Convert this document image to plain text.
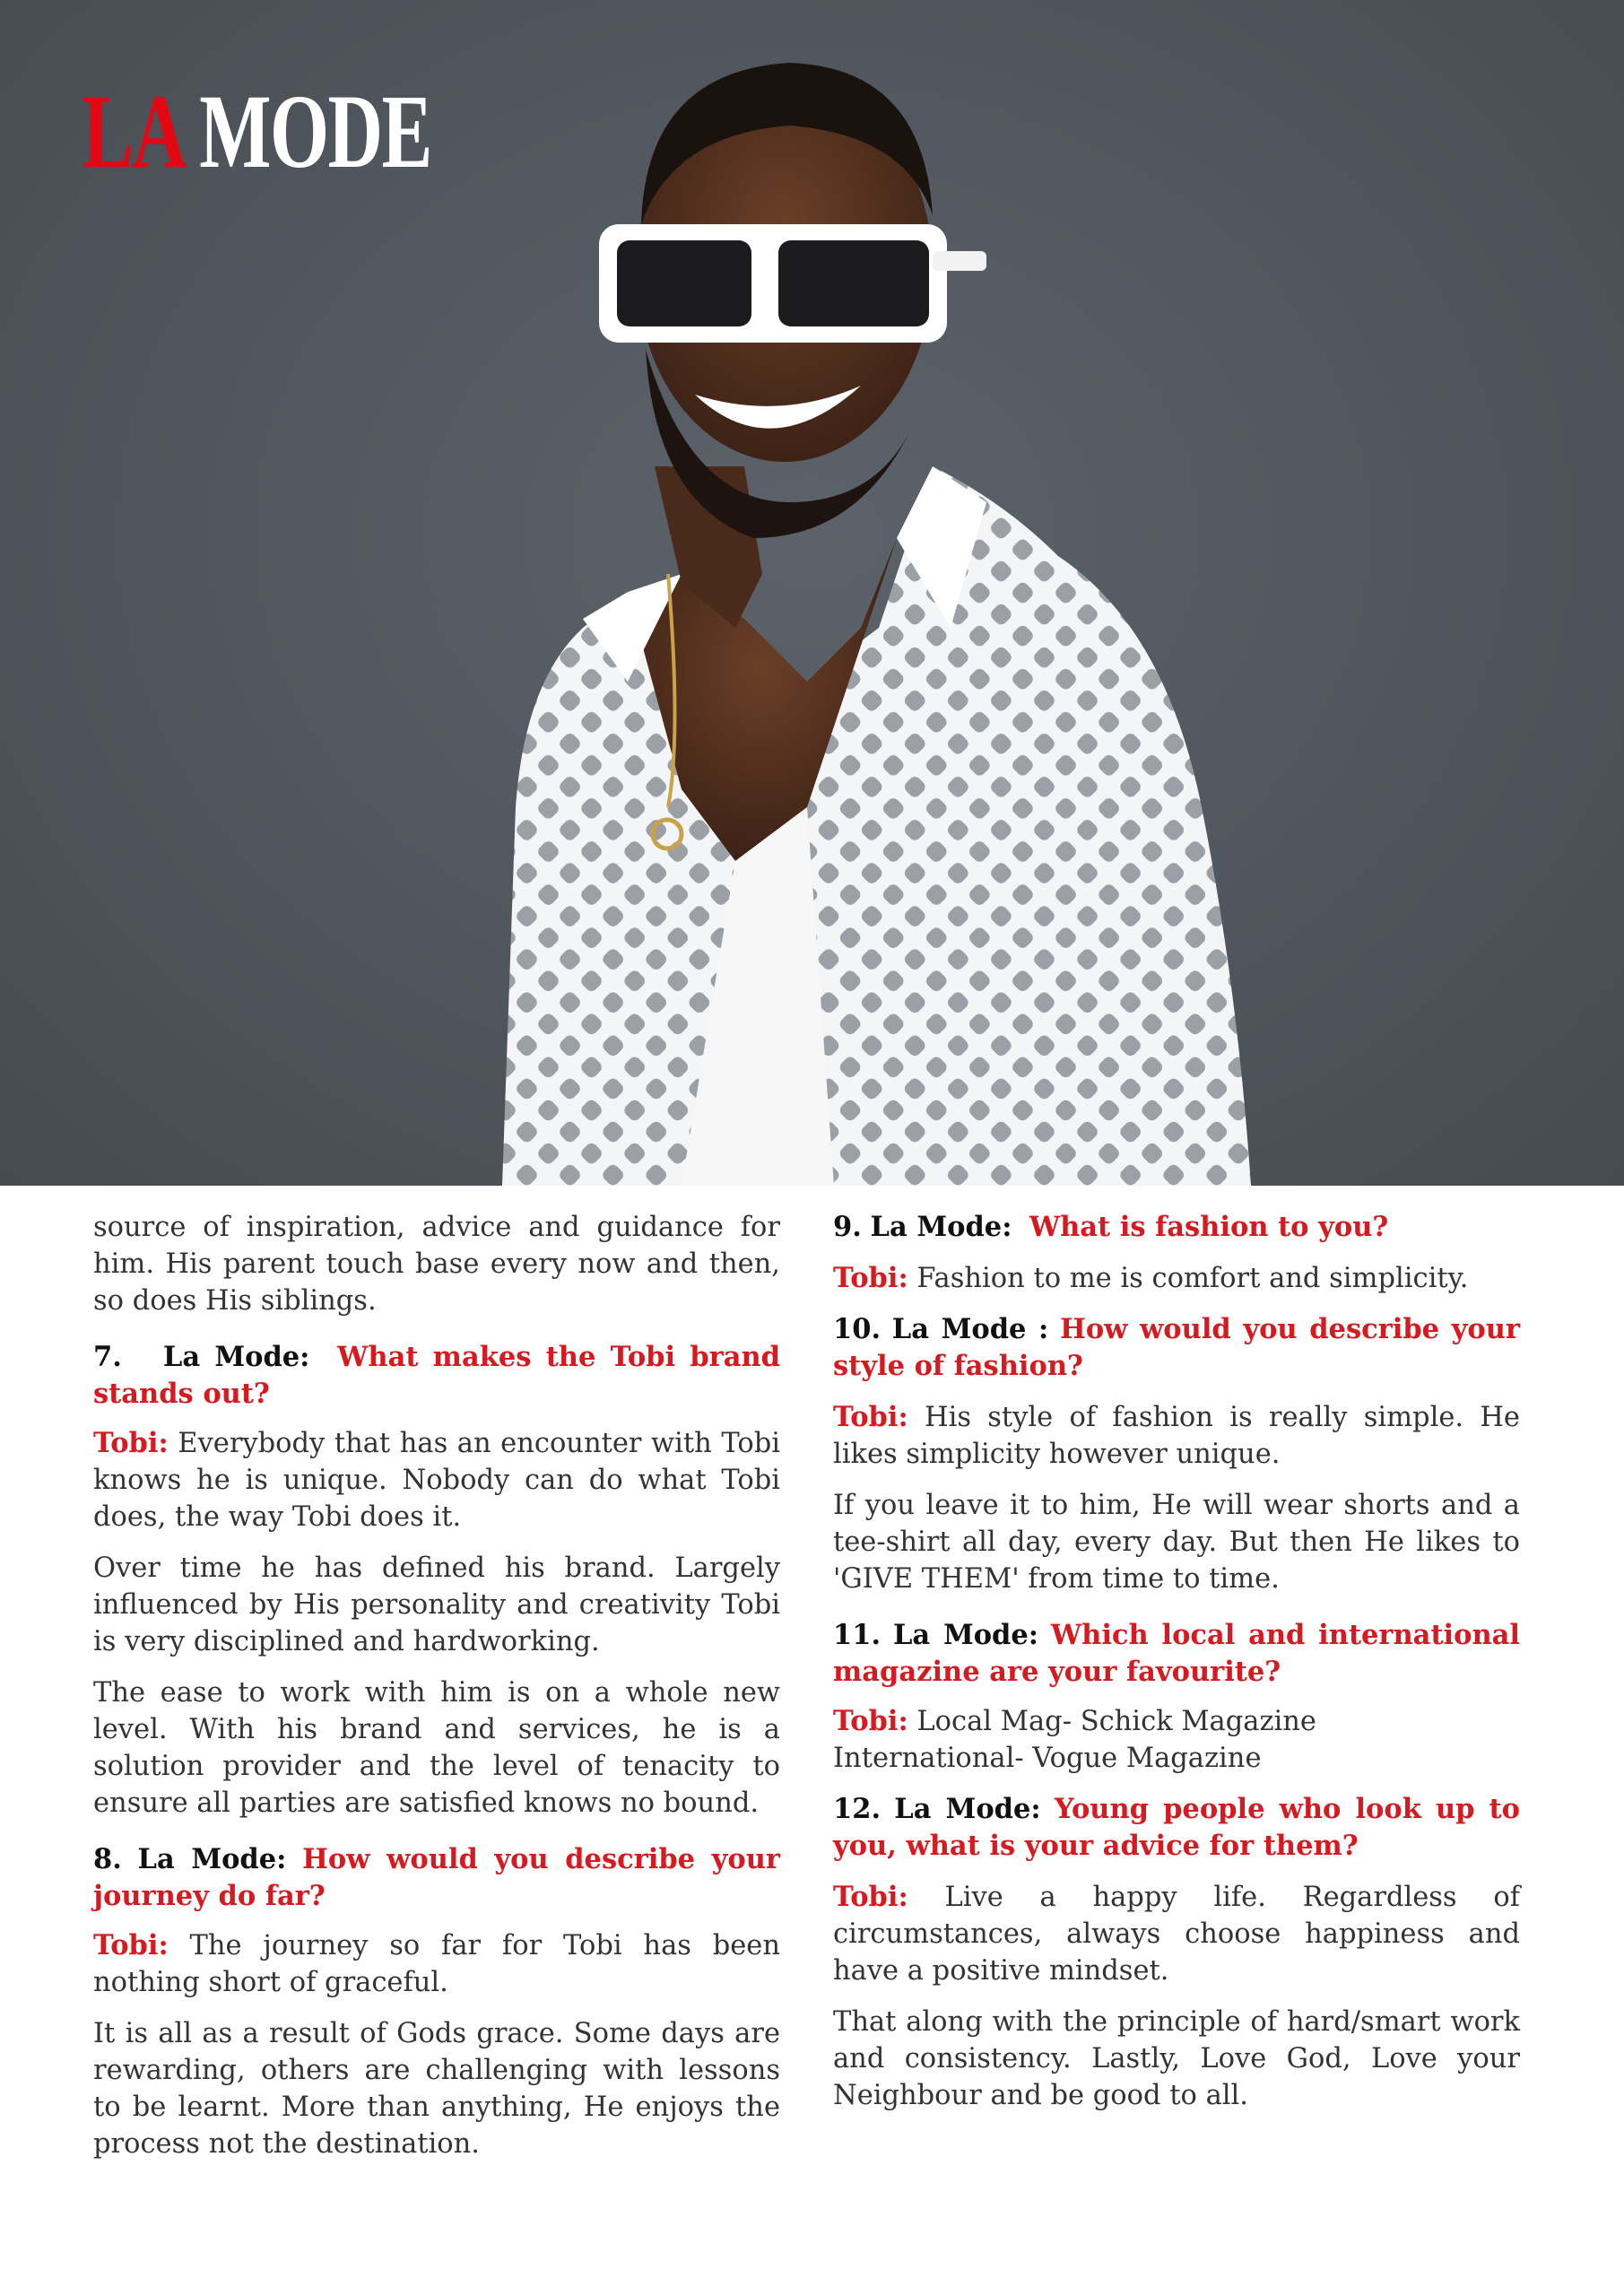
LA MODE

source of inspiration, advice and guidance for him. His parent touch base every now and then, so does His siblings.

7. La Mode: What makes the Tobi brand stands out?

Tobi: Everybody that has an encounter with Tobi knows he is unique. Nobody can do what Tobi does, the way Tobi does it.

Over time he has defined his brand. Largely influenced by His personality and creativity Tobi is very disciplined and hardworking.

The ease to work with him is on a whole new level. With his brand and services, he is a solution provider and the level of tenacity to ensure all parties are satisfied knows no bound.

8. La Mode: How would you describe your journey do far?

Tobi: The journey so far for Tobi has been nothing short of graceful.

It is all as a result of Gods grace. Some days are rewarding, others are challenging with lessons to be learnt. More than anything, He enjoys the process not the destination.

9. La Mode: What is fashion to you?

Tobi: Fashion to me is comfort and simplicity.

10. La Mode : How would you describe your style of fashion?

Tobi: His style of fashion is really simple. He likes simplicity however unique.

If you leave it to him, He will wear shorts and a tee-shirt all day, every day. But then He likes to 'GIVE THEM' from time to time.

11. La Mode: Which local and international magazine are your favourite?

Tobi: Local Mag- Schick Magazine
International- Vogue Magazine

12. La Mode: Young people who look up to you, what is your advice for them?

Tobi: Live a happy life. Regardless of circumstances, always choose happiness and have a positive mindset.

That along with the principle of hard/smart work and consistency. Lastly, Love God, Love your Neighbour and be good to all.
